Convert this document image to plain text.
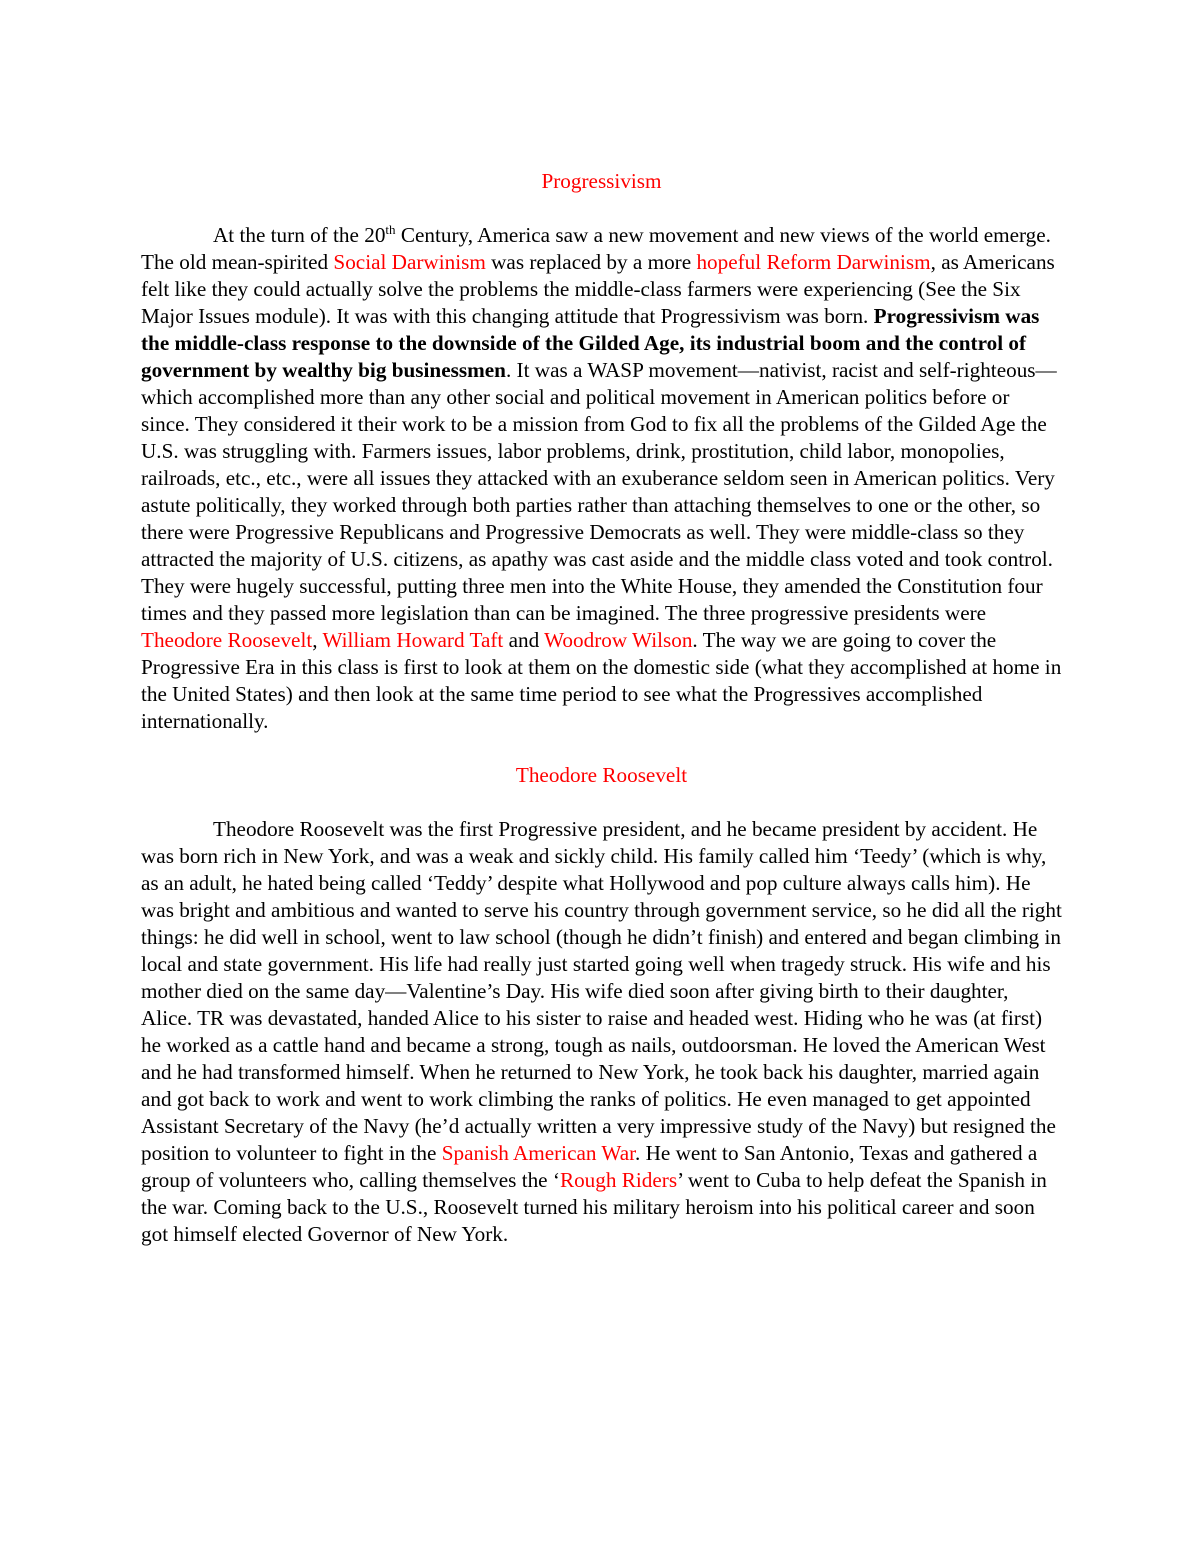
Progressivism

At the turn of the 20th Century, America saw a new movement and new views of the world emerge. The old mean-spirited Social Darwinism was replaced by a more hopeful Reform Darwinism, as Americans felt like they could actually solve the problems the middle-class farmers were experiencing (See the Six Major Issues module). It was with this changing attitude that Progressivism was born. Progressivism was the middle-class response to the downside of the Gilded Age, its industrial boom and the control of government by wealthy big businessmen. It was a WASP movement—nativist, racist and self-righteous—which accomplished more than any other social and political movement in American politics before or since. They considered it their work to be a mission from God to fix all the problems of the Gilded Age the U.S. was struggling with. Farmers issues, labor problems, drink, prostitution, child labor, monopolies, railroads, etc., etc., were all issues they attacked with an exuberance seldom seen in American politics. Very astute politically, they worked through both parties rather than attaching themselves to one or the other, so there were Progressive Republicans and Progressive Democrats as well. They were middle-class so they attracted the majority of U.S. citizens, as apathy was cast aside and the middle class voted and took control. They were hugely successful, putting three men into the White House, they amended the Constitution four times and they passed more legislation than can be imagined. The three progressive presidents were Theodore Roosevelt, William Howard Taft and Woodrow Wilson. The way we are going to cover the Progressive Era in this class is first to look at them on the domestic side (what they accomplished at home in the United States) and then look at the same time period to see what the Progressives accomplished internationally.

Theodore Roosevelt

Theodore Roosevelt was the first Progressive president, and he became president by accident. He was born rich in New York, and was a weak and sickly child. His family called him ‘Teedy’ (which is why, as an adult, he hated being called ‘Teddy’ despite what Hollywood and pop culture always calls him). He was bright and ambitious and wanted to serve his country through government service, so he did all the right things: he did well in school, went to law school (though he didn’t finish) and entered and began climbing in local and state government. His life had really just started going well when tragedy struck. His wife and his mother died on the same day—Valentine’s Day. His wife died soon after giving birth to their daughter, Alice. TR was devastated, handed Alice to his sister to raise and headed west. Hiding who he was (at first) he worked as a cattle hand and became a strong, tough as nails, outdoorsman. He loved the American West and he had transformed himself. When he returned to New York, he took back his daughter, married again and got back to work and went to work climbing the ranks of politics. He even managed to get appointed Assistant Secretary of the Navy (he’d actually written a very impressive study of the Navy) but resigned the position to volunteer to fight in the Spanish American War. He went to San Antonio, Texas and gathered a group of volunteers who, calling themselves the ‘Rough Riders’ went to Cuba to help defeat the Spanish in the war. Coming back to the U.S., Roosevelt turned his military heroism into his political career and soon got himself elected Governor of New York.
